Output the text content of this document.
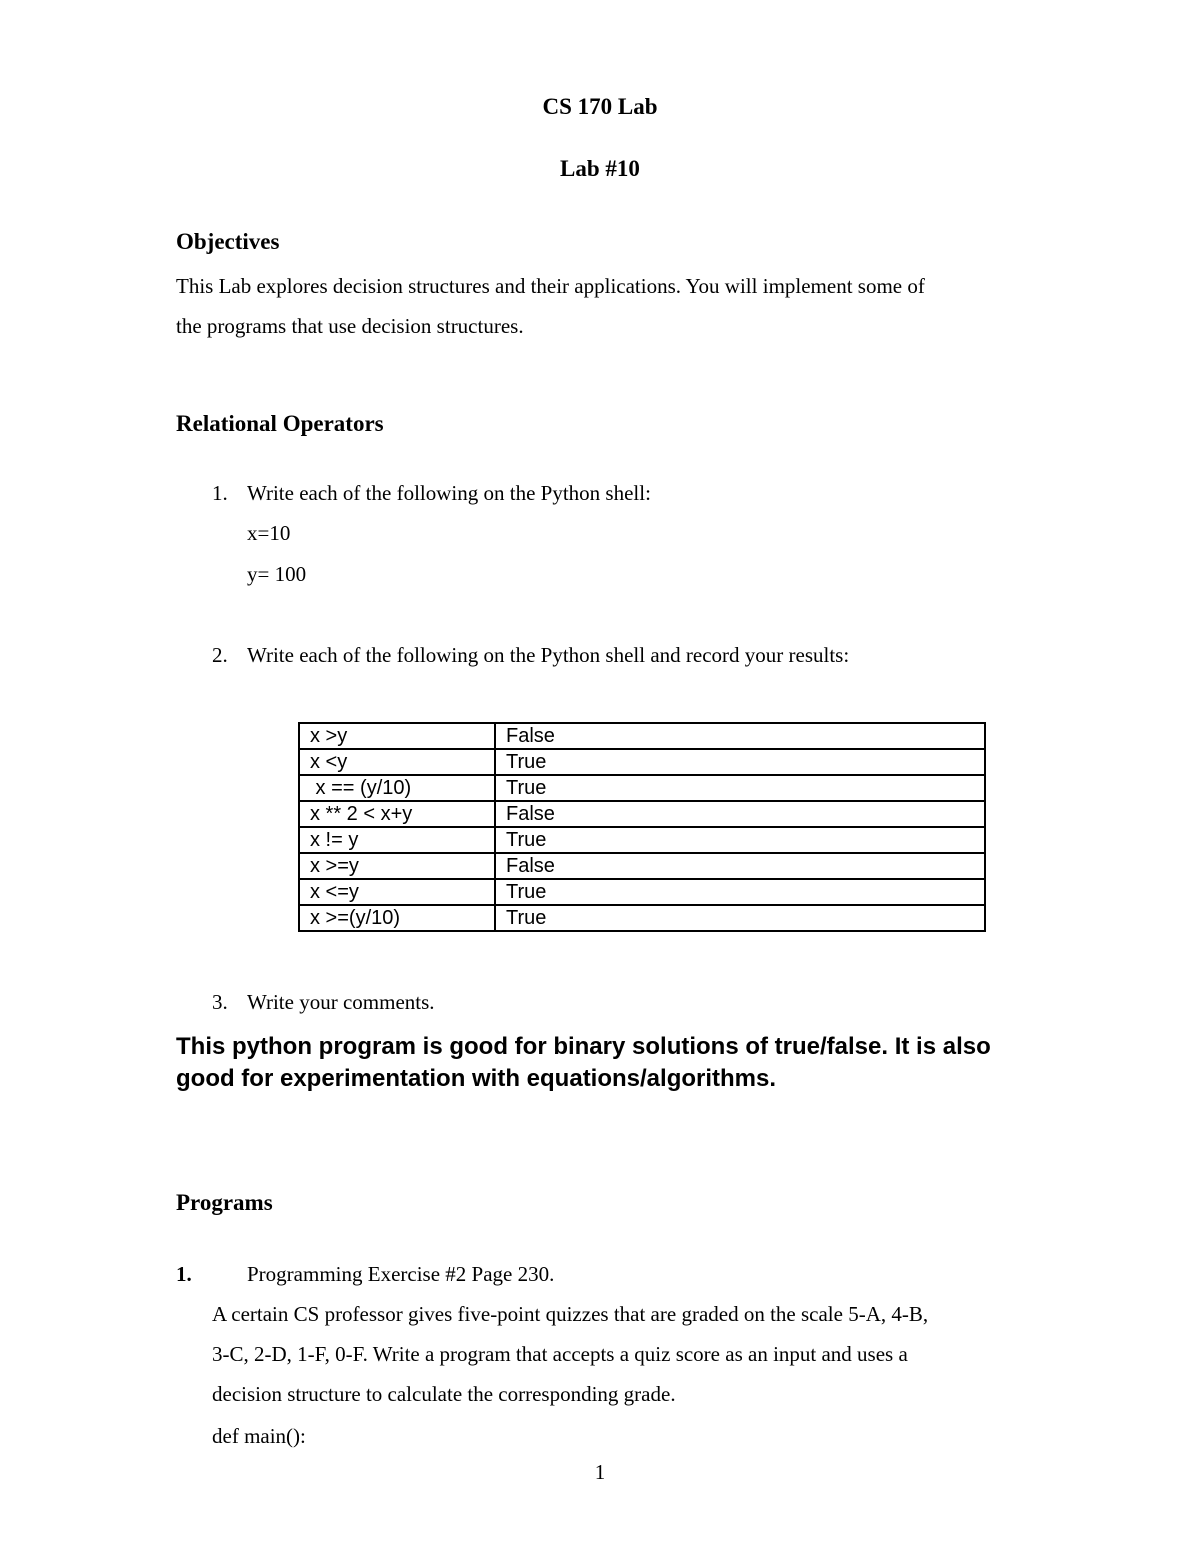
CS 170 Lab
Lab #10
Objectives
This Lab explores decision structures and their applications. You will implement some of
the programs that use decision structures.
Relational Operators
1. Write each of the following on the Python shell:
x=10
y= 100
2. Write each of the following on the Python shell and record your results:
x >y	False
x <y	True
x == (y/10)	True
x ** 2 < x+y	False
x != y	True
x >=y	False
x <=y	True
x >=(y/10)	True
3. Write your comments.
This python program is good for binary solutions of true/false. It is also
good for experimentation with equations/algorithms.
Programs
1.	Programming Exercise #2 Page 230.
A certain CS professor gives five-point quizzes that are graded on the scale 5-A, 4-B,
3-C, 2-D, 1-F, 0-F. Write a program that accepts a quiz score as an input and uses a
decision structure to calculate the corresponding grade.
def main():
1
